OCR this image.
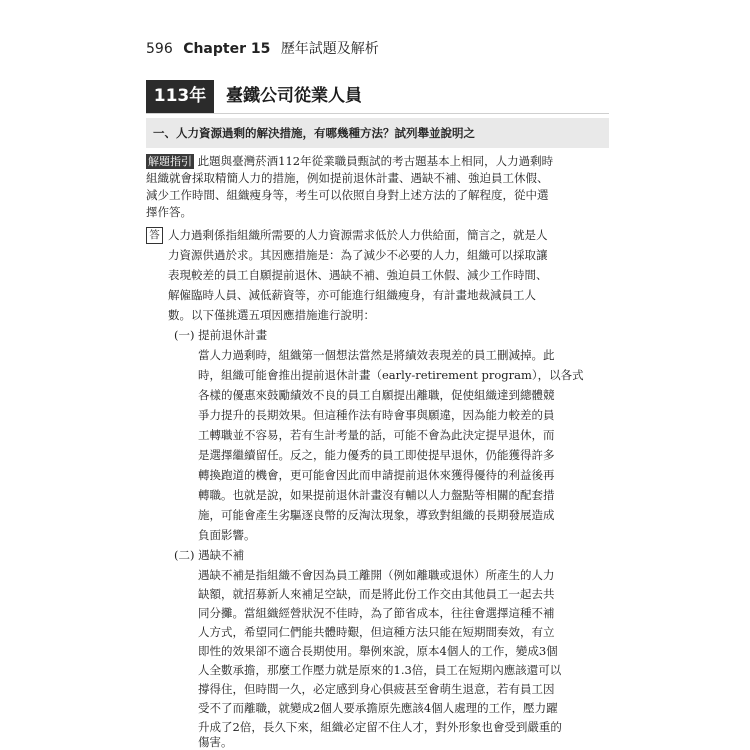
596 Chapter 15 歷年試題及解析
113年	臺鐵公司從業人員
一、人力資源過剩的解決措施，有哪幾種方法？試列舉並說明之
解題指引 此題與臺灣菸酒112年從業職員甄試的考古題基本上相同，人力過剩時
組織就會採取精簡人力的措施，例如提前退休計畫、遇缺不補、強迫員工休假、
減少工作時間、組織瘦身等，考生可以依照自身對上述方法的了解程度，從中選
擇作答。
答 人力過剩係指組織所需要的人力資源需求低於人力供給面，簡言之，就是人
力資源供過於求。其因應措施是：為了減少不必要的人力，組織可以採取讓
表現較差的員工自願提前退休、遇缺不補、強迫員工休假、減少工作時間、
解僱臨時人員、減低薪資等，亦可能進行組織瘦身，有計畫地裁減員工人
數。以下僅挑選五項因應措施進行說明：
(一) 提前退休計畫
當人力過剩時，組織第一個想法當然是將績效表現差的員工刪減掉。此
時，組織可能會推出提前退休計畫（early-retirement program），以各式
各樣的優惠來鼓勵績效不良的員工自願提出離職，促使組織達到總體競
爭力提升的長期效果。但這種作法有時會事與願違，因為能力較差的員
工轉職並不容易，若有生計考量的話，可能不會為此決定提早退休，而
是選擇繼續留任。反之，能力優秀的員工即使提早退休，仍能獲得許多
轉換跑道的機會，更可能會因此而申請提前退休來獲得優待的利益後再
轉職。也就是說，如果提前退休計畫沒有輔以人力盤點等相關的配套措
施，可能會產生劣驅逐良幣的反淘汰現象，導致對組織的長期發展造成
負面影響。
(二) 遇缺不補
遇缺不補是指組織不會因為員工離開（例如離職或退休）所產生的人力
缺額，就招募新人來補足空缺，而是將此份工作交由其他員工一起去共
同分攤。當組織經營狀況不佳時，為了節省成本，往往會選擇這種不補
人方式，希望同仁們能共體時艱，但這種方法只能在短期間奏效，有立
即性的效果卻不適合長期使用。舉例來說，原本4個人的工作，變成3個
人全數承擔，那麼工作壓力就是原來的1.3倍，員工在短期內應該還可以
撐得住，但時間一久，必定感到身心俱疲甚至會萌生退意，若有員工因
受不了而離職，就變成2個人要承擔原先應該4個人處理的工作，壓力躍
升成了2倍，長久下來，組織必定留不住人才，對外形象也會受到嚴重的
傷害。
